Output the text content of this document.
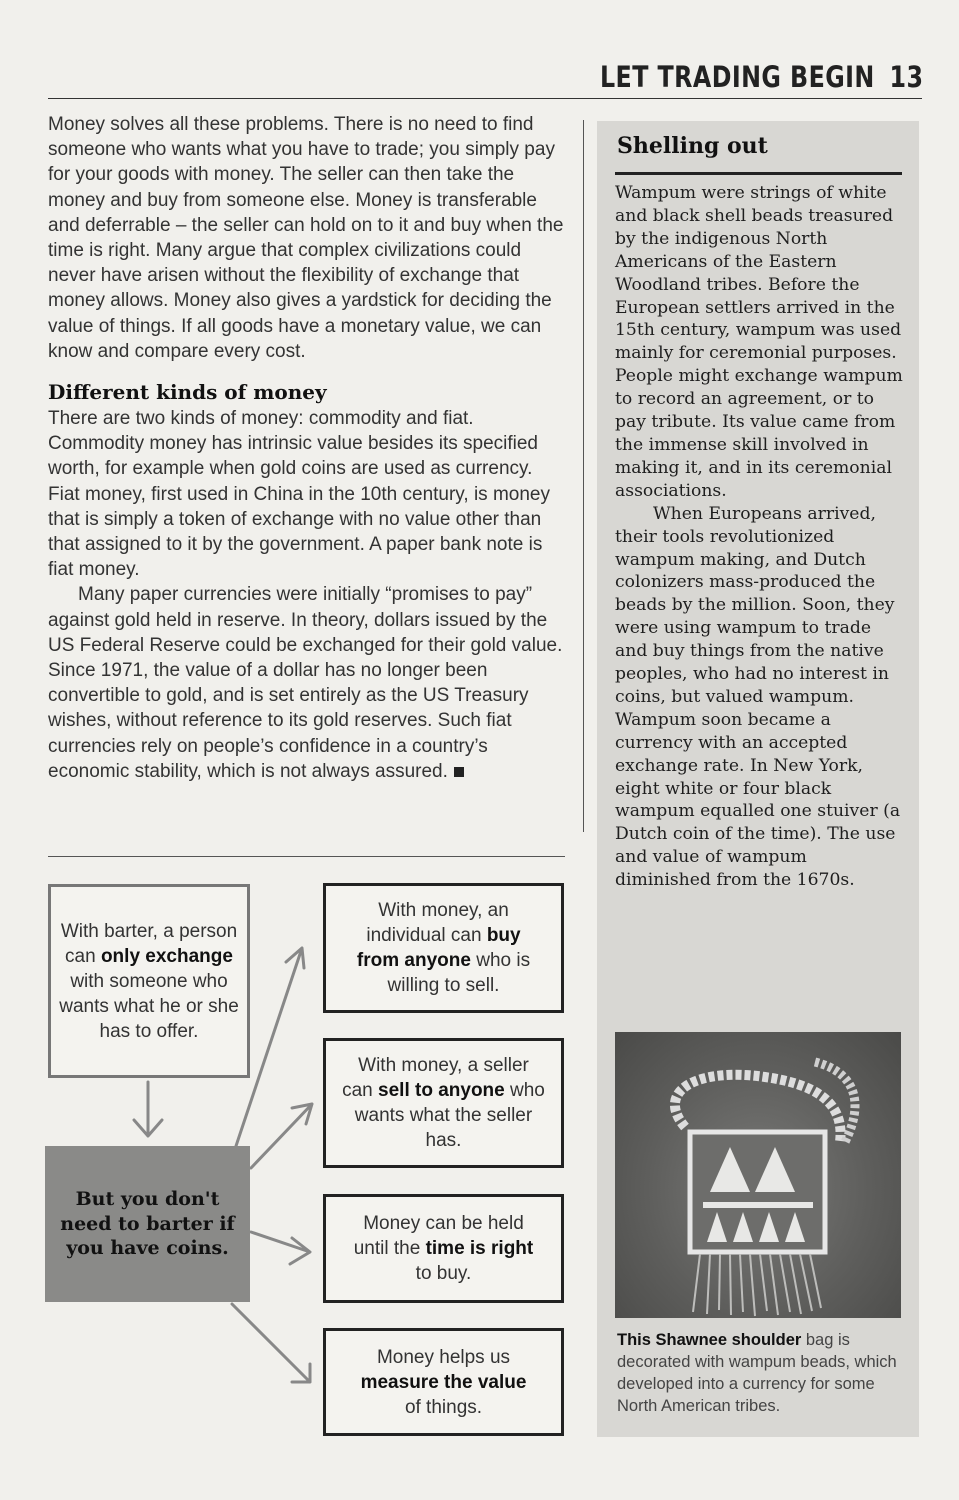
LET TRADING BEGIN 13

Money solves all these problems. There is no need to find someone who wants what you have to trade; you simply pay for your goods with money. The seller can then take the money and buy from someone else. Money is transferable and deferrable – the seller can hold on to it and buy when the time is right. Many argue that complex civilizations could never have arisen without the flexibility of exchange that money allows. Money also gives a yardstick for deciding the value of things. If all goods have a monetary value, we can know and compare every cost.

Different kinds of money

There are two kinds of money: commodity and fiat. Commodity money has intrinsic value besides its specified worth, for example when gold coins are used as currency. Fiat money, first used in China in the 10th century, is money that is simply a token of exchange with no value other than that assigned to it by the government. A paper bank note is fiat money.

Many paper currencies were initially “promises to pay” against gold held in reserve. In theory, dollars issued by the US Federal Reserve could be exchanged for their gold value. Since 1971, the value of a dollar has no longer been convertible to gold, and is set entirely as the US Treasury wishes, without reference to its gold reserves. Such fiat currencies rely on people’s confidence in a country’s economic stability, which is not always assured.

With barter, a person can only exchange with someone who wants what he or she has to offer.
But you don't need to barter if you have coins.
With money, an individual can buy from anyone who is willing to sell.
With money, a seller can sell to anyone who wants what the seller has.
Money can be held until the time is right to buy.
Money helps us measure the value of things.
Shelling out

Wampum were strings of white and black shell beads treasured by the indigenous North Americans of the Eastern Woodland tribes. Before the European settlers arrived in the 15th century, wampum was used mainly for ceremonial purposes. People might exchange wampum to record an agreement, or to pay tribute. Its value came from the immense skill involved in making it, and in its ceremonial associations.

When Europeans arrived, their tools revolutionized wampum making, and Dutch colonizers mass-produced the beads by the million. Soon, they were using wampum to trade and buy things from the native peoples, who had no interest in coins, but valued wampum. Wampum soon became a currency with an accepted exchange rate. In New York, eight white or four black wampum equalled one stuiver (a Dutch coin of the time). The use and value of wampum diminished from the 1670s.

This Shawnee shoulder bag is decorated with wampum beads, which developed into a currency for some North American tribes.
